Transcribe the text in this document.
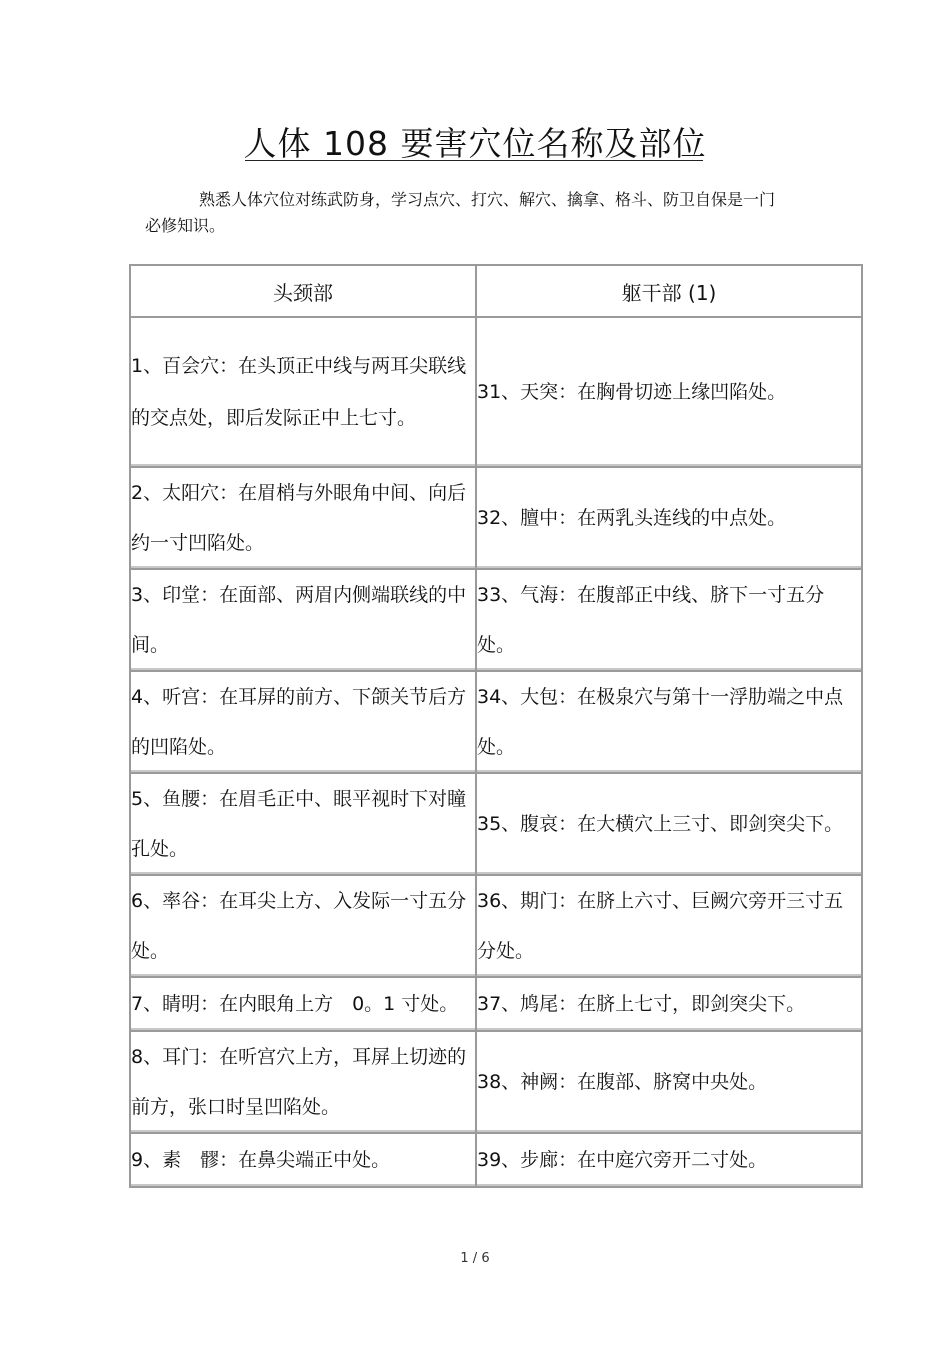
人体 108 要害穴位名称及部位
熟悉人体穴位对练武防身，学习点穴、打穴、解穴、擒拿、格斗、防卫自保是一门必修知识。
头颈部	躯干部 (1)

1、百会穴：在头顶正中线与两耳尖联线的交点处，即后发际正中上七寸。	31、天突：在胸骨切迹上缘凹陷处。

2、太阳穴：在眉梢与外眼角中间、向后约一寸凹陷处。	32、膻中：在两乳头连线的中点处。

3、印堂：在面部、两眉内侧端联线的中间。	33、气海：在腹部正中线、脐下一寸五分处。

4、听宫：在耳屏的前方、下颌关节后方的凹陷处。	34、大包：在极泉穴与第十一浮肋端之中点处。

5、鱼腰：在眉毛正中、眼平视时下对瞳孔处。	35、腹哀：在大横穴上三寸、即剑突尖下。

6、率谷：在耳尖上方、入发际一寸五分处。	36、期门：在脐上六寸、巨阙穴旁开三寸五分处。

7、睛明：在内眼角上方　0。1 寸处。	37、鸠尾：在脐上七寸，即剑突尖下。

8、耳门：在听宫穴上方，耳屏上切迹的前方，张口时呈凹陷处。	38、神阙：在腹部、脐窝中央处。

9、素　髎：在鼻尖端正中处。	39、步廊：在中庭穴旁开二寸处。
1 / 6
